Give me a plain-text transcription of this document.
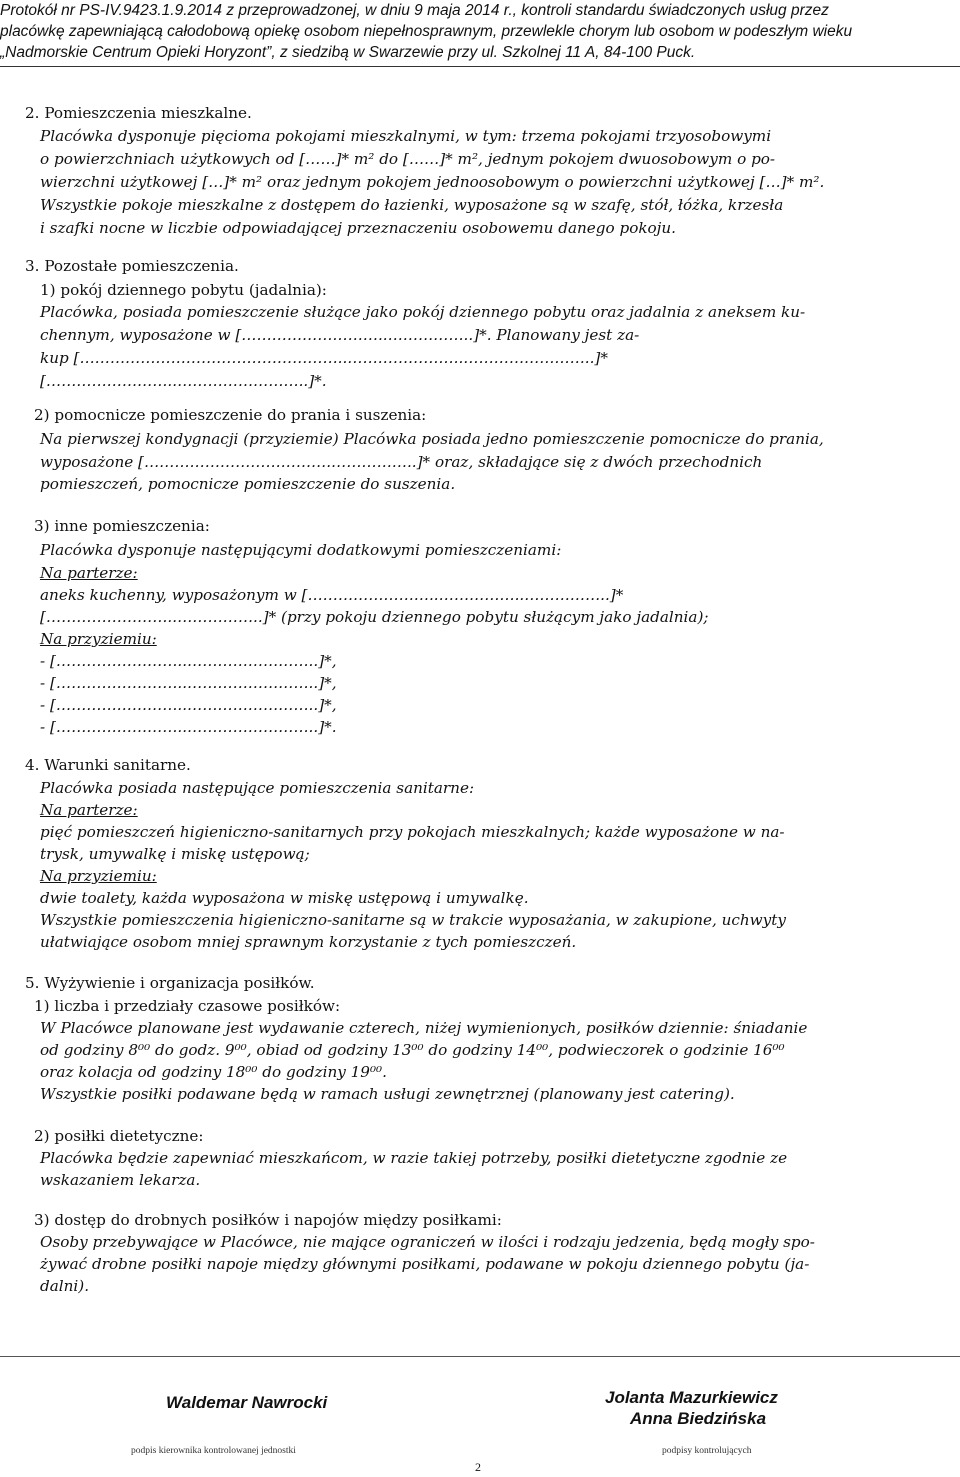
Protokół nr PS-IV.9423.1.9.2014 z przeprowadzonej, w dniu 9 maja 2014 r., kontroli standardu świadczonych usług przez
placówkę zapewniającą całodobową opiekę osobom niepełnosprawnym, przewlekle chorym lub osobom w podeszłym wieku
„Nadmorskie Centrum Opieki Horyzont”, z siedzibą w Swarzewie przy ul. Szkolnej 11 A, 84-100 Puck.
2. Pomieszczenia mieszkalne.
Placówka dysponuje pięcioma pokojami mieszkalnymi, w tym: trzema pokojami trzyosobowymi
o powierzchniach użytkowych od [……]* m² do [……]* m², jednym pokojem dwuosobowym o po-
wierzchni użytkowej […]* m² oraz jednym pokojem jednoosobowym o powierzchni użytkowej […]* m².
Wszystkie pokoje mieszkalne z dostępem do łazienki, wyposażone są w szafę, stół, łóżka, krzesła
i szafki nocne w liczbie odpowiadającej przeznaczeniu osobowemu danego pokoju.
3. Pozostałe pomieszczenia.
1) pokój dziennego pobytu (jadalnia):
Placówka, posiada pomieszczenie służące jako pokój dziennego pobytu oraz jadalnia z aneksem ku-
chennym, wyposażone w [………………………..……………..]*. Planowany jest za-
kup [……………………………………………..…………………..……………………..]*
[……………………..……………………..]*.
2) pomocnicze pomieszczenie do prania i suszenia:
Na pierwszej kondygnacji (przyziemie) Placówka posiada jedno pomieszczenie pomocnicze do prania,
wyposażone [……………………………….……………..]* oraz, składające się z dwóch przechodnich
pomieszczeń, pomocnicze pomieszczenie do suszenia.
3) inne pomieszczenia:
Placówka dysponuje następującymi dodatkowymi pomieszczeniami:
Na parterze:
aneks kuchenny, wyposażonym w [……………………..……………..……………..]*
[……………………..……………..]* (przy pokoju dziennego pobytu służącym jako jadalnia);
Na przyziemiu:
- [……………………..……………………..]*,
- [……………………..……………………..]*,
- [……………………..……………………..]*,
- [……………………..……………………..]*.
4. Warunki sanitarne.
Placówka posiada następujące pomieszczenia sanitarne:
Na parterze:
pięć pomieszczeń higieniczno-sanitarnych przy pokojach mieszkalnych; każde wyposażone w na-
trysk, umywalkę i miskę ustępową;
Na przyziemiu:
dwie toalety, każda wyposażona w miskę ustępową i umywalkę.
Wszystkie pomieszczenia higieniczno-sanitarne są w trakcie wyposażania, w zakupione, uchwyty
ułatwiające osobom mniej sprawnym korzystanie z tych pomieszczeń.
5. Wyżywienie i organizacja posiłków.
1) liczba i przedziały czasowe posiłków:
W Placówce planowane jest wydawanie czterech, niżej wymienionych, posiłków dziennie: śniadanie
od godziny 8⁰⁰ do godz. 9⁰⁰, obiad od godziny 13⁰⁰ do godziny 14⁰⁰, podwieczorek o godzinie 16⁰⁰
oraz kolacja od godziny 18⁰⁰ do godziny 19⁰⁰.
Wszystkie posiłki podawane będą w ramach usługi zewnętrznej (planowany jest catering).
2) posiłki dietetyczne:
Placówka będzie zapewniać mieszkańcom, w razie takiej potrzeby, posiłki dietetyczne zgodnie ze
wskazaniem lekarza.
3) dostęp do drobnych posiłków i napojów między posiłkami:
Osoby przebywające w Placówce, nie mające ograniczeń w ilości i rodzaju jedzenia, będą mogły spo-
żywać drobne posiłki napoje między głównymi posiłkami, podawane w pokoju dziennego pobytu (ja-
dalni).
Waldemar Nawrocki
podpis kierownika kontrolowanej jednostki
Jolanta Mazurkiewicz
Anna Biedzińska
podpisy kontrolujących
2
